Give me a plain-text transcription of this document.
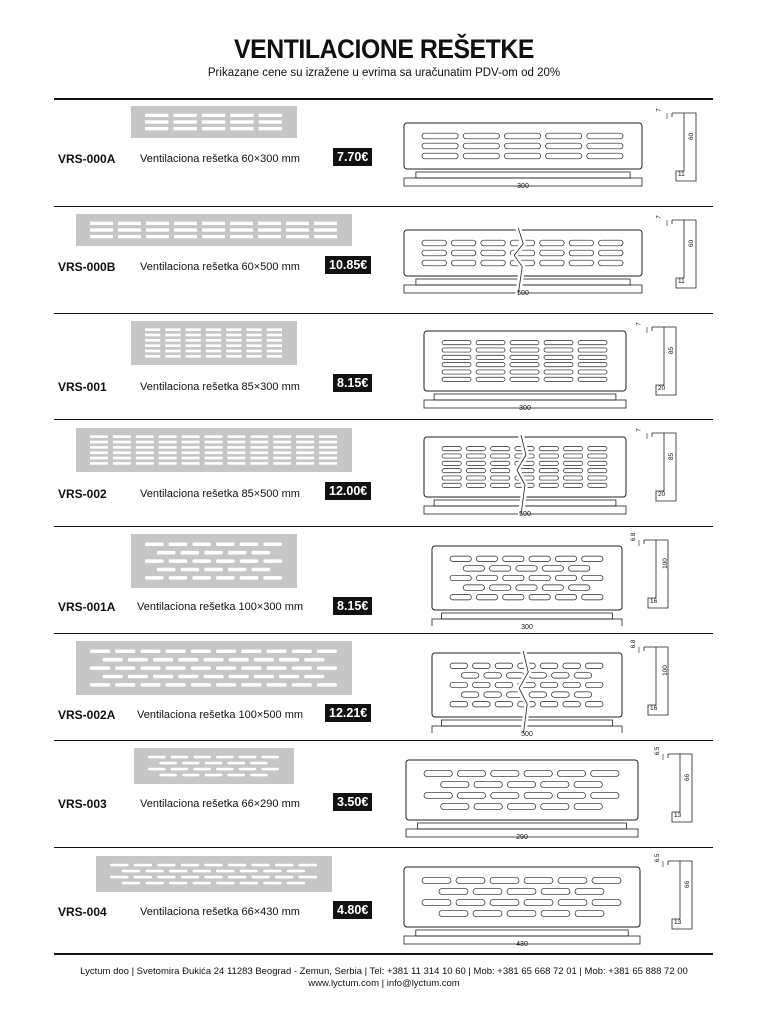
VENTILACIONE REŠETKE
Prikazane cene su izražene u evrima sa uračunatim PDV-om od 20%
VRS-000A Ventilaciona rešetka 60×300 mm	7.70€
300
60
11
7
VRS-000B Ventilaciona rešetka 60×500 mm	10.85€
500
60
11
7
VRS-001	Ventilaciona rešetka 85×300 mm	8.15€
300
85
20
7
VRS-002	Ventilaciona rešetka 85×500 mm	12.00€
500
85
20
7
VRS-001A Ventilaciona rešetka 100×300 mm	8.15€
300
100
16
6.8
VRS-002A Ventilaciona rešetka 100×500 mm	12.21€
500
100
16
6.8
VRS-003	Ventilaciona rešetka 66×290 mm	3.50€
290
66
13
6.5
VRS-004	Ventilaciona rešetka 66×430 mm	4.80€
430
66
13
6.5
Lyctum doo | Svetomira Đukića 24 11283 Beograd - Zemun, Serbia | Tel: +381 11 314 10 60 | Mob: +381 65 668 72 01 | Mob: +381 65 888 72 00
www.lyctum.com | info@lyctum.com
